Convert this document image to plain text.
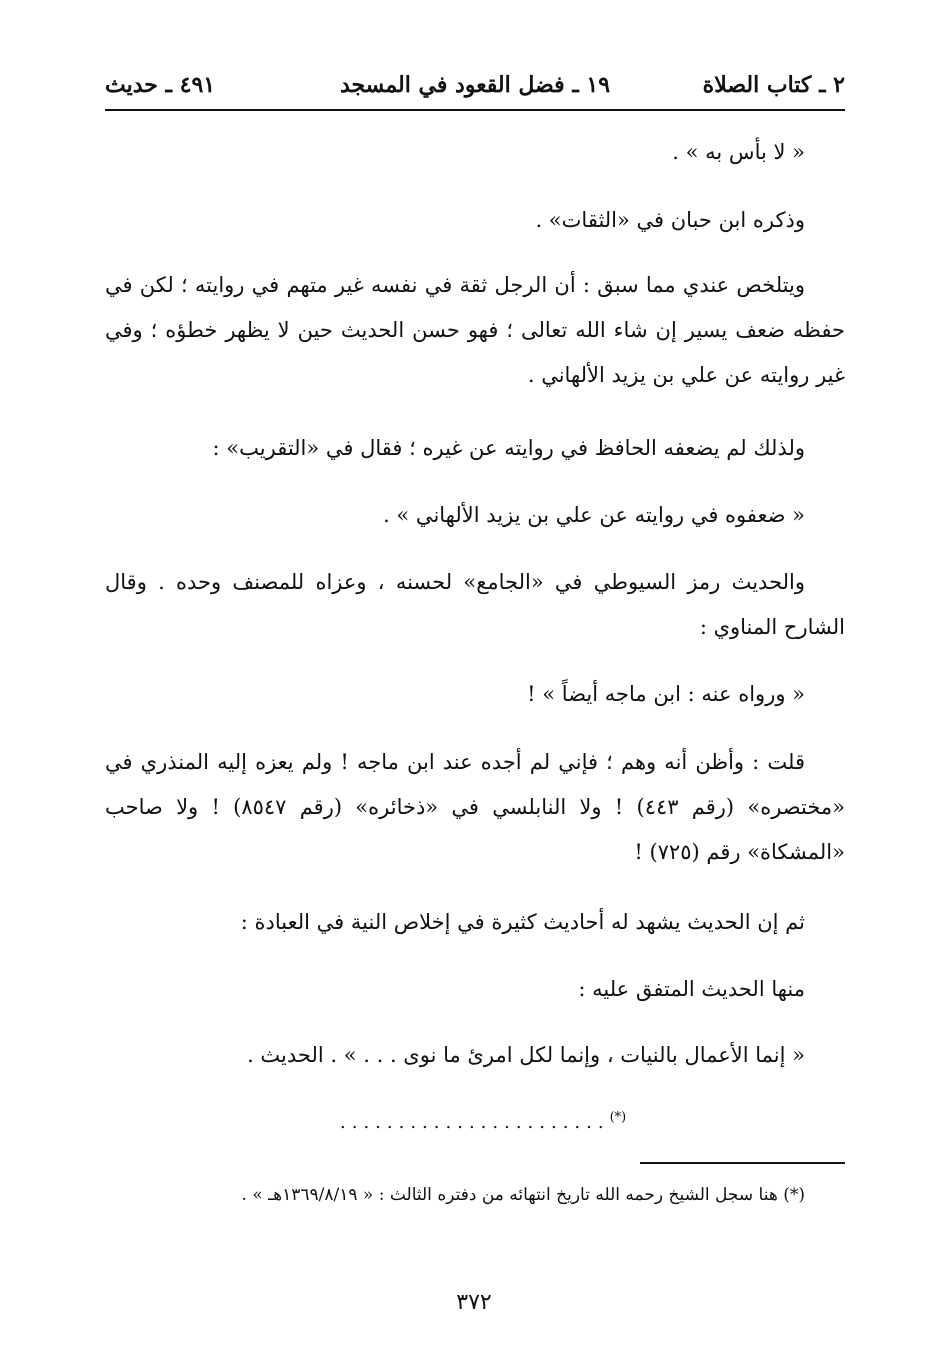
٢ ـ كتاب الصلاة
١٩ ـ فضل القعود في المسجد
٤٩١ ـ حديث

« لا بأس به » .

وذكره ابن حبان في «الثقات» .

ويتلخص عندي مما سبق : أن الرجل ثقة في نفسه غير متهم في روايته ؛ لكن في حفظه ضعف يسير إن شاء الله تعالى ؛ فهو حسن الحديث حين لا يظهر خطؤه ؛ وفي غير روايته عن علي بن يزيد الألهاني .

ولذلك لم يضعفه الحافظ في روايته عن غيره ؛ فقال في «التقريب» :

« ضعفوه في روايته عن علي بن يزيد الألهاني » .

والحديث رمز السيوطي في «الجامع» لحسنه ، وعزاه للمصنف وحده . وقال الشارح المناوي :

« ورواه عنه : ابن ماجه أيضاً » !

قلت : وأظن أنه وهم ؛ فإني لم أجده عند ابن ماجه ! ولم يعزه إليه المنذري في «مختصره» (رقم ٤٤٣) ! ولا النابلسي في «ذخائره» (رقم ٨٥٤٧) ! ولا صاحب «المشكاة» رقم (٧٢٥) !

ثم إن الحديث يشهد له أحاديث كثيرة في إخلاص النية في العبادة :

منها الحديث المتفق عليه :

« إنما الأعمال بالنيات ، وإنما لكل امرئ ما نوى . . . » . الحديث .

.......................(*)

(*) هنا سجل الشيخ رحمه الله تاريخ انتهائه من دفتره الثالث : « ١٣٦٩/٨/١٩هـ » .

٣٧٢
